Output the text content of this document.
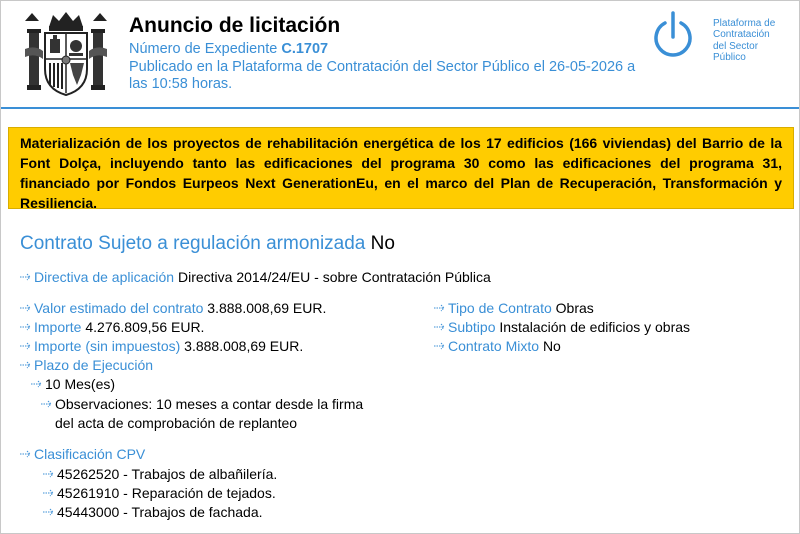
Anuncio de licitación
Número de Expediente C.1707
Publicado en la Plataforma de Contratación del Sector Público el 26-05-2026 a
las 10:58 horas.
Plataforma de
Contratación
del Sector
Público
Materialización de los proyectos de rehabilitación energética de los 17 edificios (166 viviendas) del Barrio de la Font Dolça, incluyendo tanto las edificaciones del programa 30 como las edificaciones del programa 31, financiado por Fondos Eurpeos Next GenerationEu, en el marco del Plan de Recuperación, Transformación y Resiliencia.
Contrato Sujeto a regulación armonizada No
Directiva de aplicación Directiva 2014/24/EU - sobre Contratación Pública
Valor estimado del contrato 3.888.008,69 EUR.
Importe 4.276.809,56 EUR.
Importe (sin impuestos) 3.888.008,69 EUR.
Plazo de Ejecución
10 Mes(es)
Observaciones: 10 meses a contar desde la firma
del acta de comprobación de replanteo
Tipo de Contrato Obras
Subtipo Instalación de edificios y obras
Contrato Mixto No
Clasificación CPV
45262520 - Trabajos de albañilería.
45261910 - Reparación de tejados.
45443000 - Trabajos de fachada.
